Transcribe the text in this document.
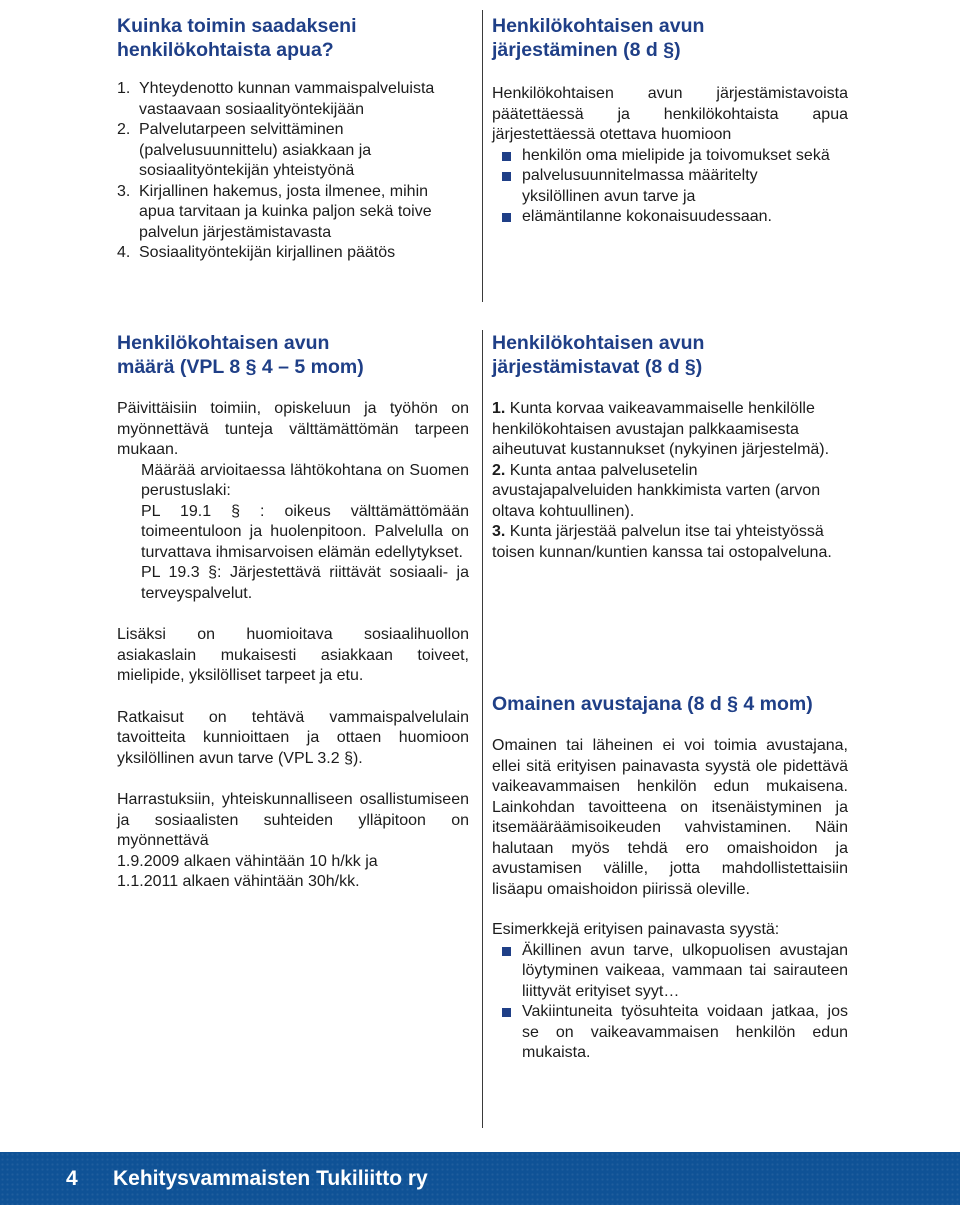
Kuinka toimin saadakseni
henkilökohtaista apua?
1. Yhteydenotto kunnan vammaispalveluista vastaavaan sosiaalityöntekijään
2. Palvelutarpeen selvittäminen (palvelusuunnittelu) asiakkaan ja sosiaalityöntekijän yhteistyönä
3. Kirjallinen hakemus, josta ilmenee, mihin apua tarvitaan ja kuinka paljon sekä toive palvelun järjestämistavasta
4. Sosiaalityöntekijän kirjallinen päätös
Henkilökohtaisen avun
määrä (VPL 8 § 4 – 5 mom)

Päivittäisiin toimiin, opiskeluun ja työhön on myönnettävä tunteja välttämättömän tarpeen mukaan.

Määrää arvioitaessa lähtökohtana on Suomen perustuslaki:

PL 19.1 § : oikeus välttämättömään toimeentuloon ja huolenpitoon. Palvelulla on turvattava ihmisarvoisen elämän edellytykset.

PL 19.3 §: Järjestettävä riittävät sosiaali- ja terveyspalvelut.

Lisäksi on huomioitava sosiaalihuollon asiakaslain mukaisesti asiakkaan toiveet, mielipide, yksilölliset tarpeet ja etu.

Ratkaisut on tehtävä vammaispalvelulain tavoitteita kunnioittaen ja ottaen huomioon yksilöllinen avun tarve (VPL 3.2 §).

Harrastuksiin, yhteiskunnalliseen osallistumiseen ja sosiaalisten suhteiden ylläpitoon on myönnettävä

1.9.2009 alkaen vähintään 10 h/kk ja

1.1.2011 alkaen vähintään 30h/kk.

Henkilökohtaisen avun
järjestäminen (8 d §)

Henkilökohtaisen avun järjestämistavoista päätettäessä ja henkilökohtaista apua järjestettäessä otettava huomioon

henkilön oma mielipide ja toivomukset sekä
palvelusuunnitelmassa määritelty yksilöllinen avun tarve ja
elämäntilanne kokonaisuudessaan.
Henkilökohtaisen avun
järjestämistavat (8 d §)

1. Kunta korvaa vaikeavammaiselle henkilölle henkilökohtaisen avustajan palkkaamisesta aiheutuvat kustannukset (nykyinen järjestelmä).

2. Kunta antaa palvelusetelin avustajapalveluiden hankkimista varten (arvon oltava kohtuullinen).

3. Kunta järjestää palvelun itse tai yhteistyössä toisen kunnan/kuntien kanssa tai ostopalveluna.

Omainen avustajana (8 d § 4 mom)

Omainen tai läheinen ei voi toimia avustajana, ellei sitä erityisen painavasta syystä ole pidettävä vaikeavammaisen henkilön edun mukaisena. Lainkohdan tavoitteena on itsenäistyminen ja itsemääräämisoikeuden vahvistaminen. Näin halutaan myös tehdä ero omaishoidon ja avustamisen välille, jotta mahdollistettaisiin lisäapu omaishoidon piirissä oleville.

Esimerkkejä erityisen painavasta syystä:

Äkillinen avun tarve, ulkopuolisen avustajan löytyminen vaikeaa, vammaan tai sairauteen liittyvät erityiset syyt…
Vakiintuneita työsuhteita voidaan jatkaa, jos se on vaikeavammaisen henkilön edun mukaista.
4 Kehitysvammaisten Tukiliitto ry
